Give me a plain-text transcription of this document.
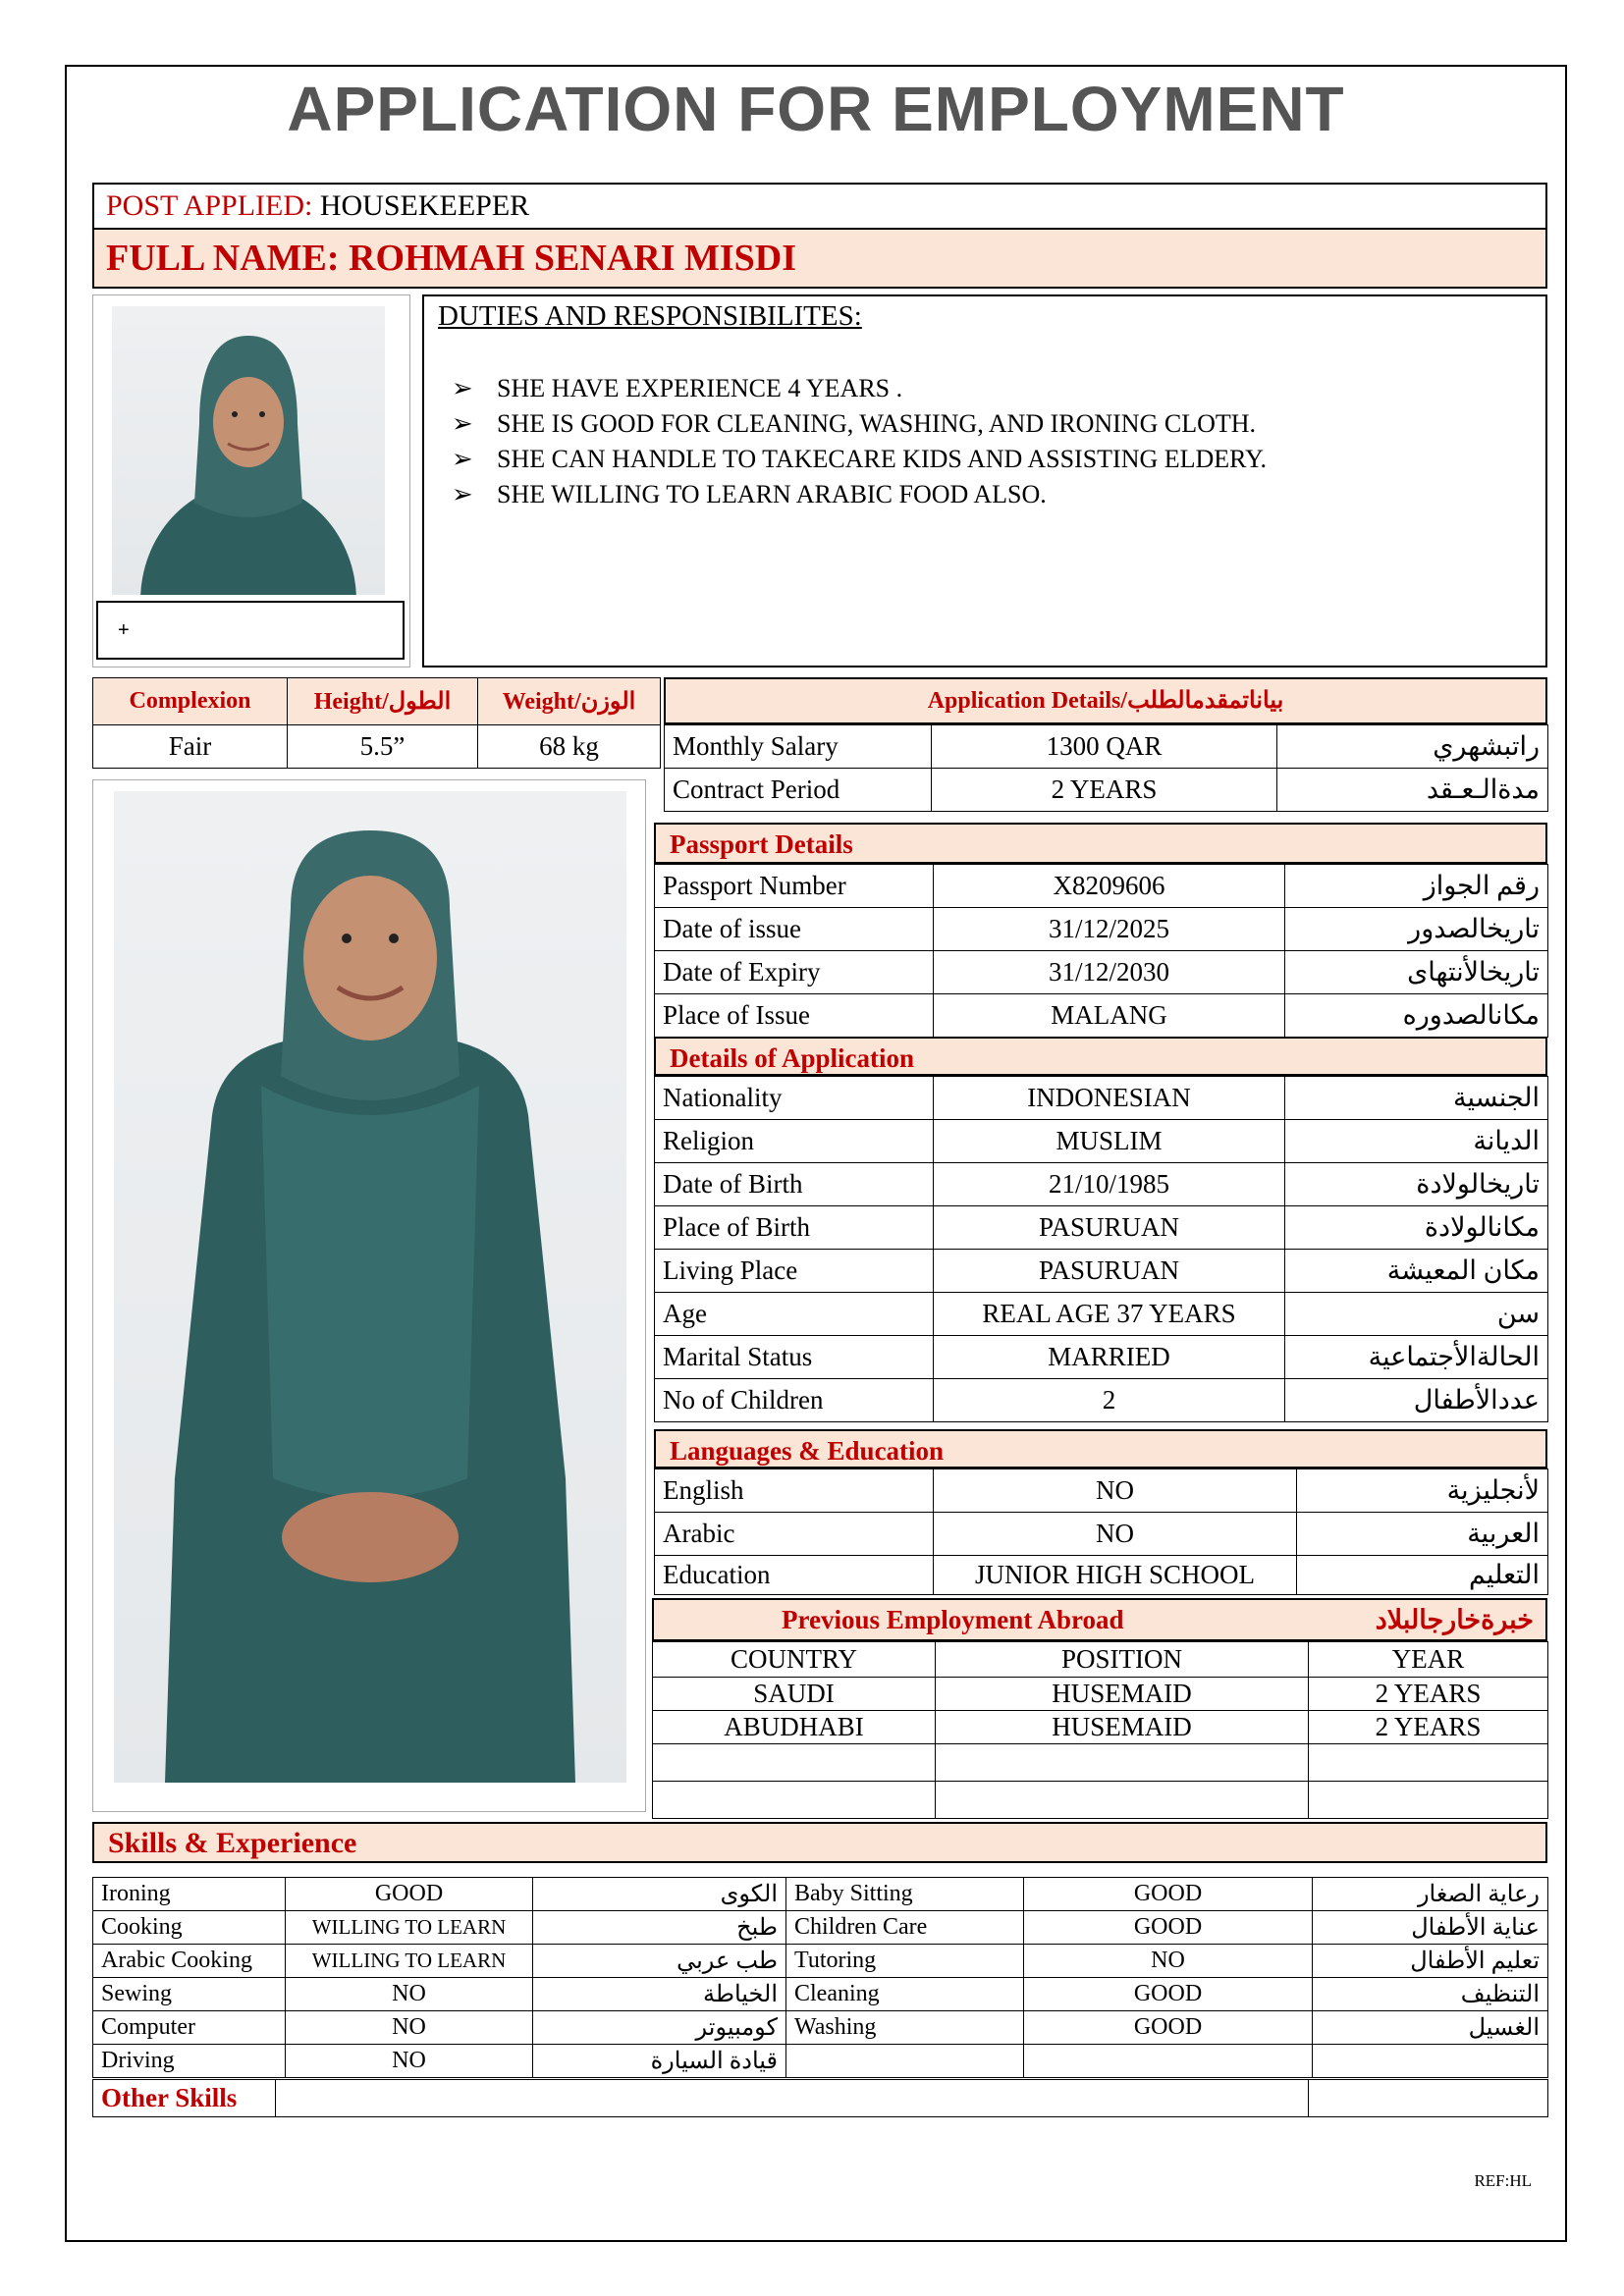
APPLICATION FOR EMPLOYMENT
POST APPLIED: HOUSEKEEPER
FULL NAME: ROHMAH SENARI MISDI
+
DUTIES AND RESPONSIBILITES:
➢ SHE HAVE EXPERIENCE 4 YEARS .
➢ SHE IS GOOD FOR CLEANING, WASHING, AND IRONING CLOTH.
➢ SHE CAN HANDLE TO TAKECARE KIDS AND ASSISTING ELDERY.
➢ SHE WILLING TO LEARN ARABIC FOOD ALSO.
Complexion	Height/الطول	Weight/الوزن
Fair	5.5”	68 kg
Application Details/بياناتمقدمالطلب
Monthly Salary	1300 QAR	راتبشهري
Contract Period	2 YEARS	مدةالـعـقد
Passport Details
Passport Number	X8209606	رقم الجواز
Date of issue	31/12/2025	تاريخالصدور
Date of Expiry	31/12/2030	تاريخالأنتهاى
Place of Issue	MALANG	مكانالصدوره
Details of Application
Nationality	INDONESIAN	الجنسية
Religion	MUSLIM	الديانة
Date of Birth	21/10/1985	تاريخالولادة
Place of Birth	PASURUAN	مكانالولادة
Living Place	PASURUAN	مكان المعيشة
Age	REAL AGE 37 YEARS	سن
Marital Status	MARRIED	الحالةالأجتماعية
No of Children	2	عددالأطفال
Languages & Education
English	NO	لأنجليزية
Arabic	NO	العربية
Education	JUNIOR HIGH SCHOOL	التعليم
Previous Employment Abroad	خبرةخارجالبلاد
COUNTRY	POSITION	YEAR
SAUDI	HUSEMAID	2 YEARS
ABUDHABI	HUSEMAID	2 YEARS

Skills & Experience
Ironing	GOOD	الكوى	Baby Sitting	GOOD	رعاية الصغار
Cooking	WILLING TO LEARN	طبخ	Children Care	GOOD	عناية الأطفال
Arabic Cooking	WILLING TO LEARN	طب عربي	Tutoring	NO	تعليم الأطفال
Sewing	NO	الخياطة	Cleaning	GOOD	التنظيف
Computer	NO	كومبيوتر	Washing	GOOD	الغسيل
Driving	NO	قيادة السيارة			
Other Skills		
REF:HL
